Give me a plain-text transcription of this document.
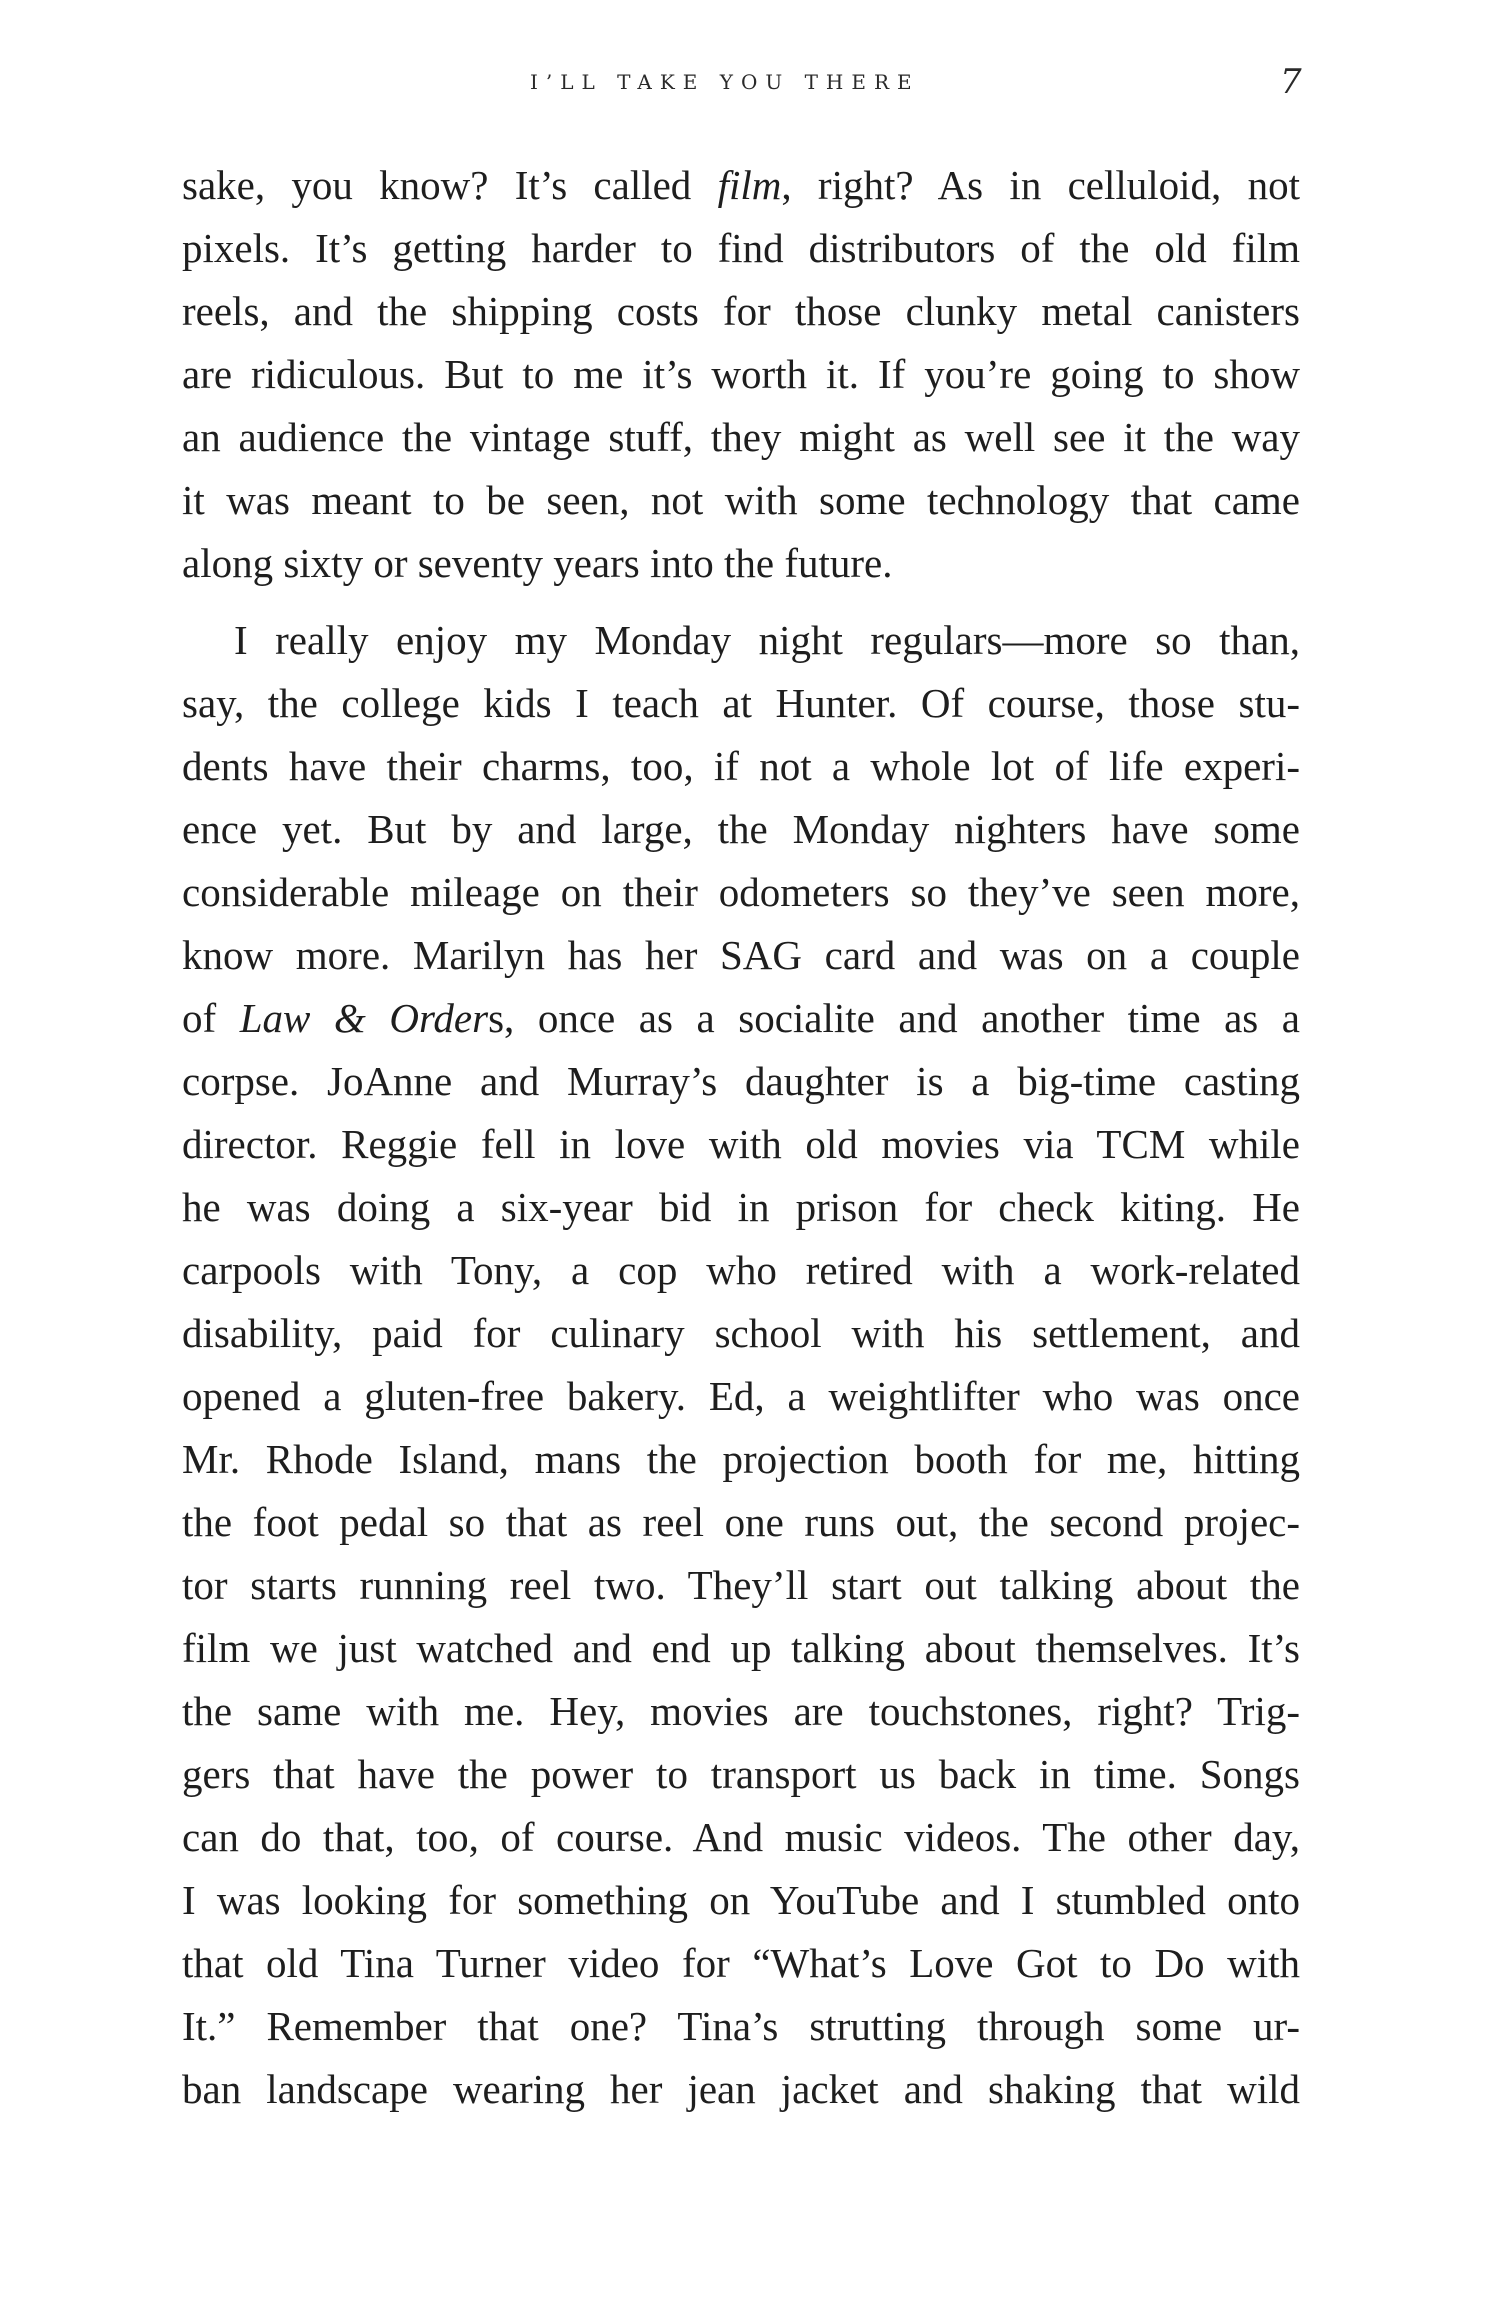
I’LL TAKE YOU THERE	7
sake, you know? It’s called film, right? As in celluloid, not
pixels. It’s getting harder to find distributors of the old film
reels, and the shipping costs for those clunky metal canisters
are ridiculous. But to me it’s worth it. If you’re going to show
an audience the vintage stuff, they might as well see it the way
it was meant to be seen, not with some technology that came
along sixty or seventy years into the future.
I really enjoy my Monday night regulars—more so than,
say, the college kids I teach at Hunter. Of course, those stu-
dents have their charms, too, if not a whole lot of life experi-
ence yet. But by and large, the Monday nighters have some
considerable mileage on their odometers so they’ve seen more,
know more. Marilyn has her SAG card and was on a couple
of Law & Orders, once as a socialite and another time as a
corpse. JoAnne and Murray’s daughter is a big-time casting
director. Reggie fell in love with old movies via TCM while
he was doing a six-year bid in prison for check kiting. He
carpools with Tony, a cop who retired with a work-related
disability, paid for culinary school with his settlement, and
opened a gluten-free bakery. Ed, a weightlifter who was once
Mr. Rhode Island, mans the projection booth for me, hitting
the foot pedal so that as reel one runs out, the second projec-
tor starts running reel two. They’ll start out talking about the
film we just watched and end up talking about themselves. It’s
the same with me. Hey, movies are touchstones, right? Trig-
gers that have the power to transport us back in time. Songs
can do that, too, of course. And music videos. The other day,
I was looking for something on YouTube and I stumbled onto
that old Tina Turner video for “What’s Love Got to Do with
It.” Remember that one? Tina’s strutting through some ur-
ban landscape wearing her jean jacket and shaking that wild
